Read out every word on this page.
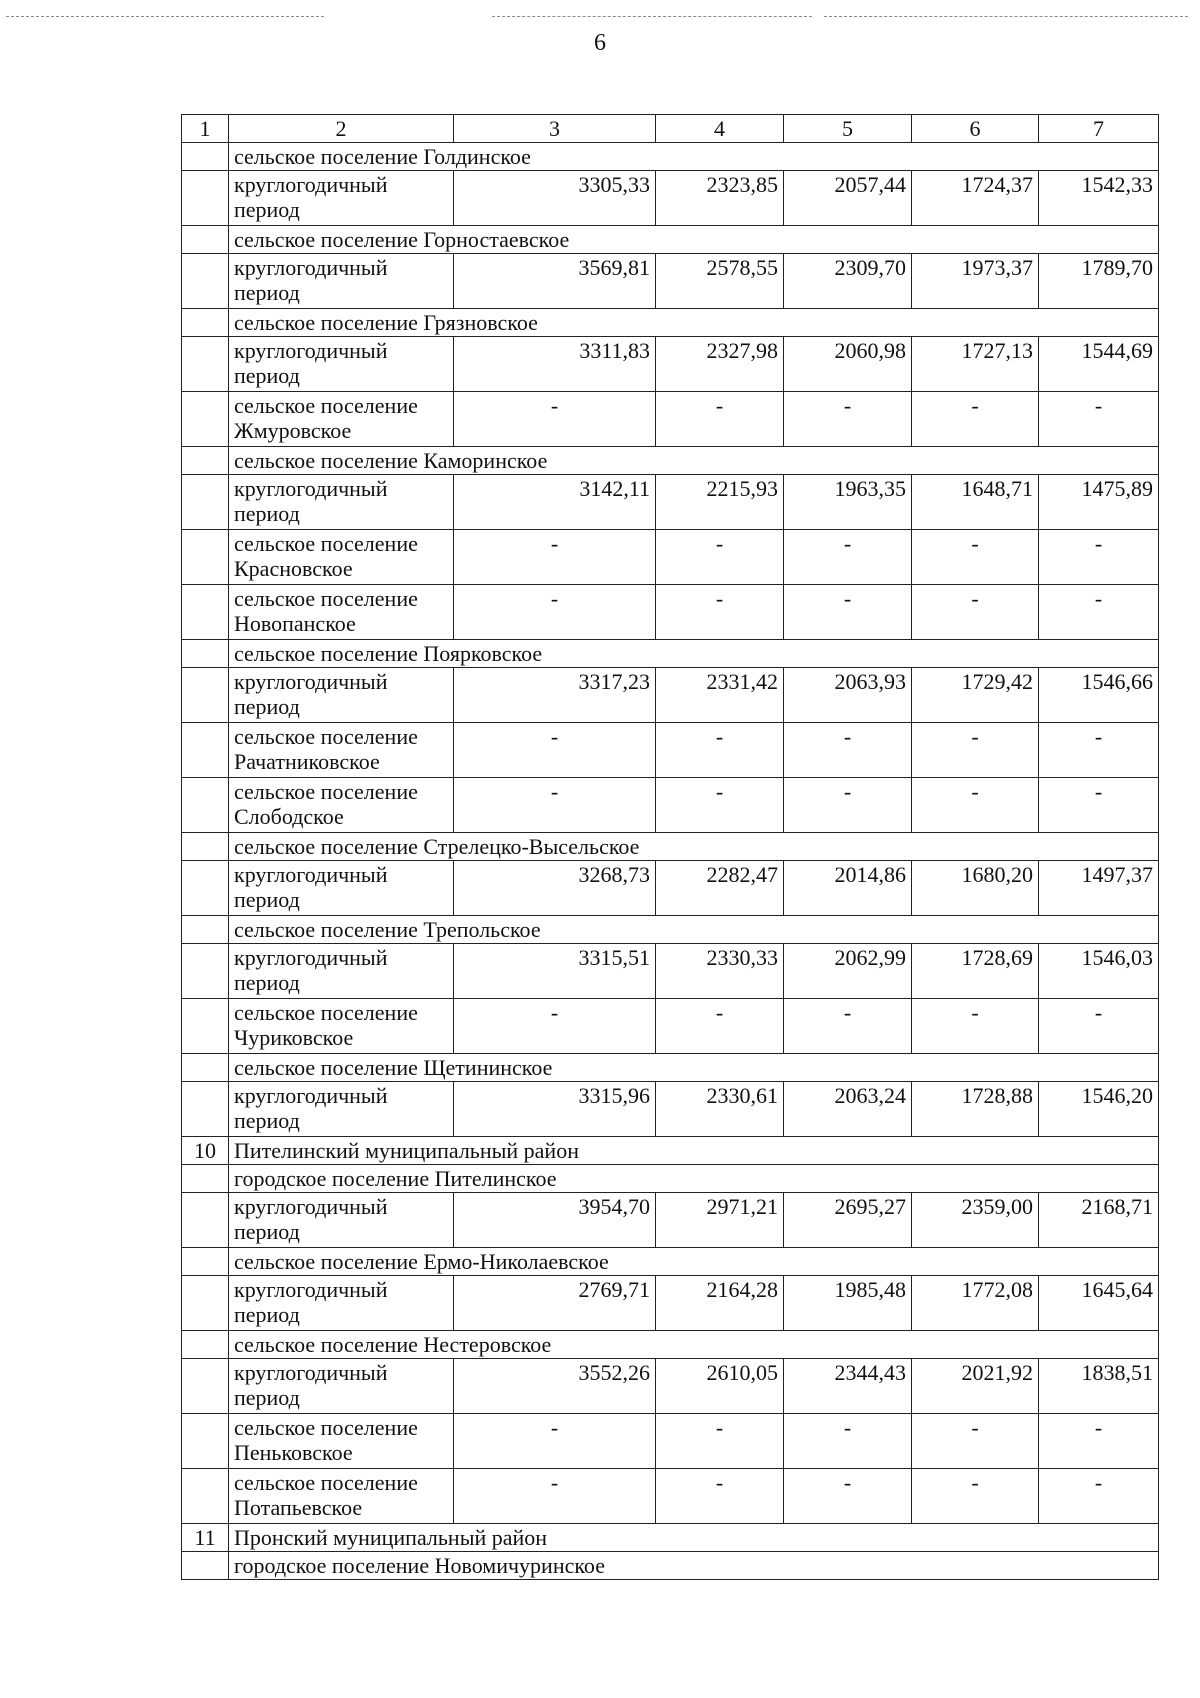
6
1	2	3	4	5	6	7
	сельское поселение Голдинское					
	круглогодичный период	3305,33	2323,85	2057,44	1724,37	1542,33
	сельское поселение Горностаевское					
	круглогодичный период	3569,81	2578,55	2309,70	1973,37	1789,70
	сельское поселение Грязновское					
	круглогодичный период	3311,83	2327,98	2060,98	1727,13	1544,69
	сельское поселение Жмуровское	-	-	-	-	-
	сельское поселение Каморинское					
	круглогодичный период	3142,11	2215,93	1963,35	1648,71	1475,89
	сельское поселение Красновское	-	-	-	-	-
	сельское поселение Новопанское	-	-	-	-	-
	сельское поселение Поярковское					
	круглогодичный период	3317,23	2331,42	2063,93	1729,42	1546,66
	сельское поселение Рачатниковское	-	-	-	-	-
	сельское поселение Слободское	-	-	-	-	-
	сельское поселение Стрелецко-Высельское					
	круглогодичный период	3268,73	2282,47	2014,86	1680,20	1497,37
	сельское поселение Трепольское					
	круглогодичный период	3315,51	2330,33	2062,99	1728,69	1546,03
	сельское поселение Чуриковское	-	-	-	-	-
	сельское поселение Щетининское					
	круглогодичный период	3315,96	2330,61	2063,24	1728,88	1546,20
10	Пителинский муниципальный район					
	городское поселение Пителинское					
	круглогодичный период	3954,70	2971,21	2695,27	2359,00	2168,71
	сельское поселение Ермо-Николаевское					
	круглогодичный период	2769,71	2164,28	1985,48	1772,08	1645,64
	сельское поселение Нестеровское					
	круглогодичный период	3552,26	2610,05	2344,43	2021,92	1838,51
	сельское поселение Пеньковское	-	-	-	-	-
	сельское поселение Потапьевское	-	-	-	-	-
11	Пронский муниципальный район					
	городское поселение Новомичуринское					
